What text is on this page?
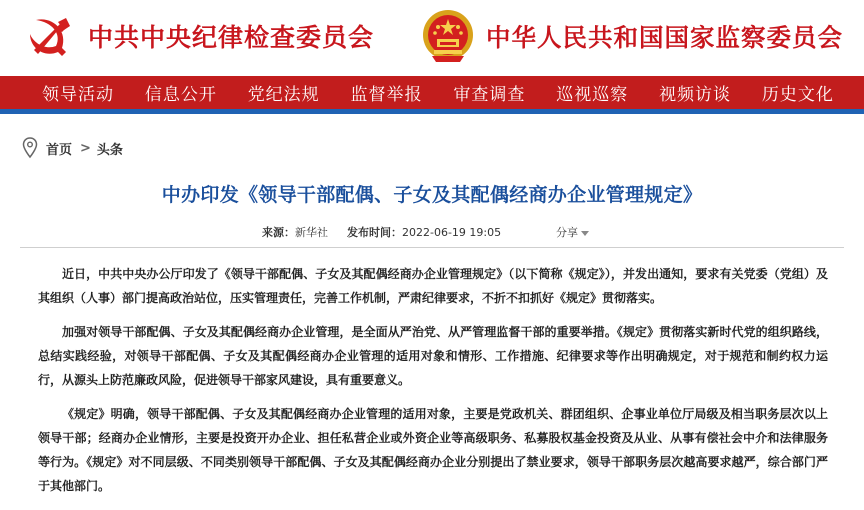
中共中央纪律检查委员会	中华人民共和国国家监察委员会
领导活动 信息公开 党纪法规 监督举报 审查调查 巡视巡察 视频访谈 历史文化
首页 > 头条
中办印发《领导干部配偶、子女及其配偶经商办企业管理规定》
来源：新华社 发布时间：2022-06-19 19:05	分享

近日，中共中央办公厅印发了《领导干部配偶、子女及其配偶经商办企业管理规定》（以下简称《规定》），并发出通知，要求有关党委（党组）及其组织（人事）部门提高政治站位，压实管理责任，完善工作机制，严肃纪律要求，不折不扣抓好《规定》贯彻落实。

加强对领导干部配偶、子女及其配偶经商办企业管理，是全面从严治党、从严管理监督干部的重要举措。《规定》贯彻落实新时代党的组织路线，总结实践经验，对领导干部配偶、子女及其配偶经商办企业管理的适用对象和情形、工作措施、纪律要求等作出明确规定，对于规范和制约权力运行，从源头上防范廉政风险，促进领导干部家风建设，具有重要意义。

《规定》明确，领导干部配偶、子女及其配偶经商办企业管理的适用对象，主要是党政机关、群团组织、企事业单位厅局级及相当职务层次以上领导干部；经商办企业情形，主要是投资开办企业、担任私营企业或外资企业等高级职务、私募股权基金投资及从业、从事有偿社会中介和法律服务等行为。《规定》对不同层级、不同类别领导干部配偶、子女及其配偶经商办企业分别提出了禁业要求，领导干部职务层次越高要求越严，综合部门严于其他部门。
